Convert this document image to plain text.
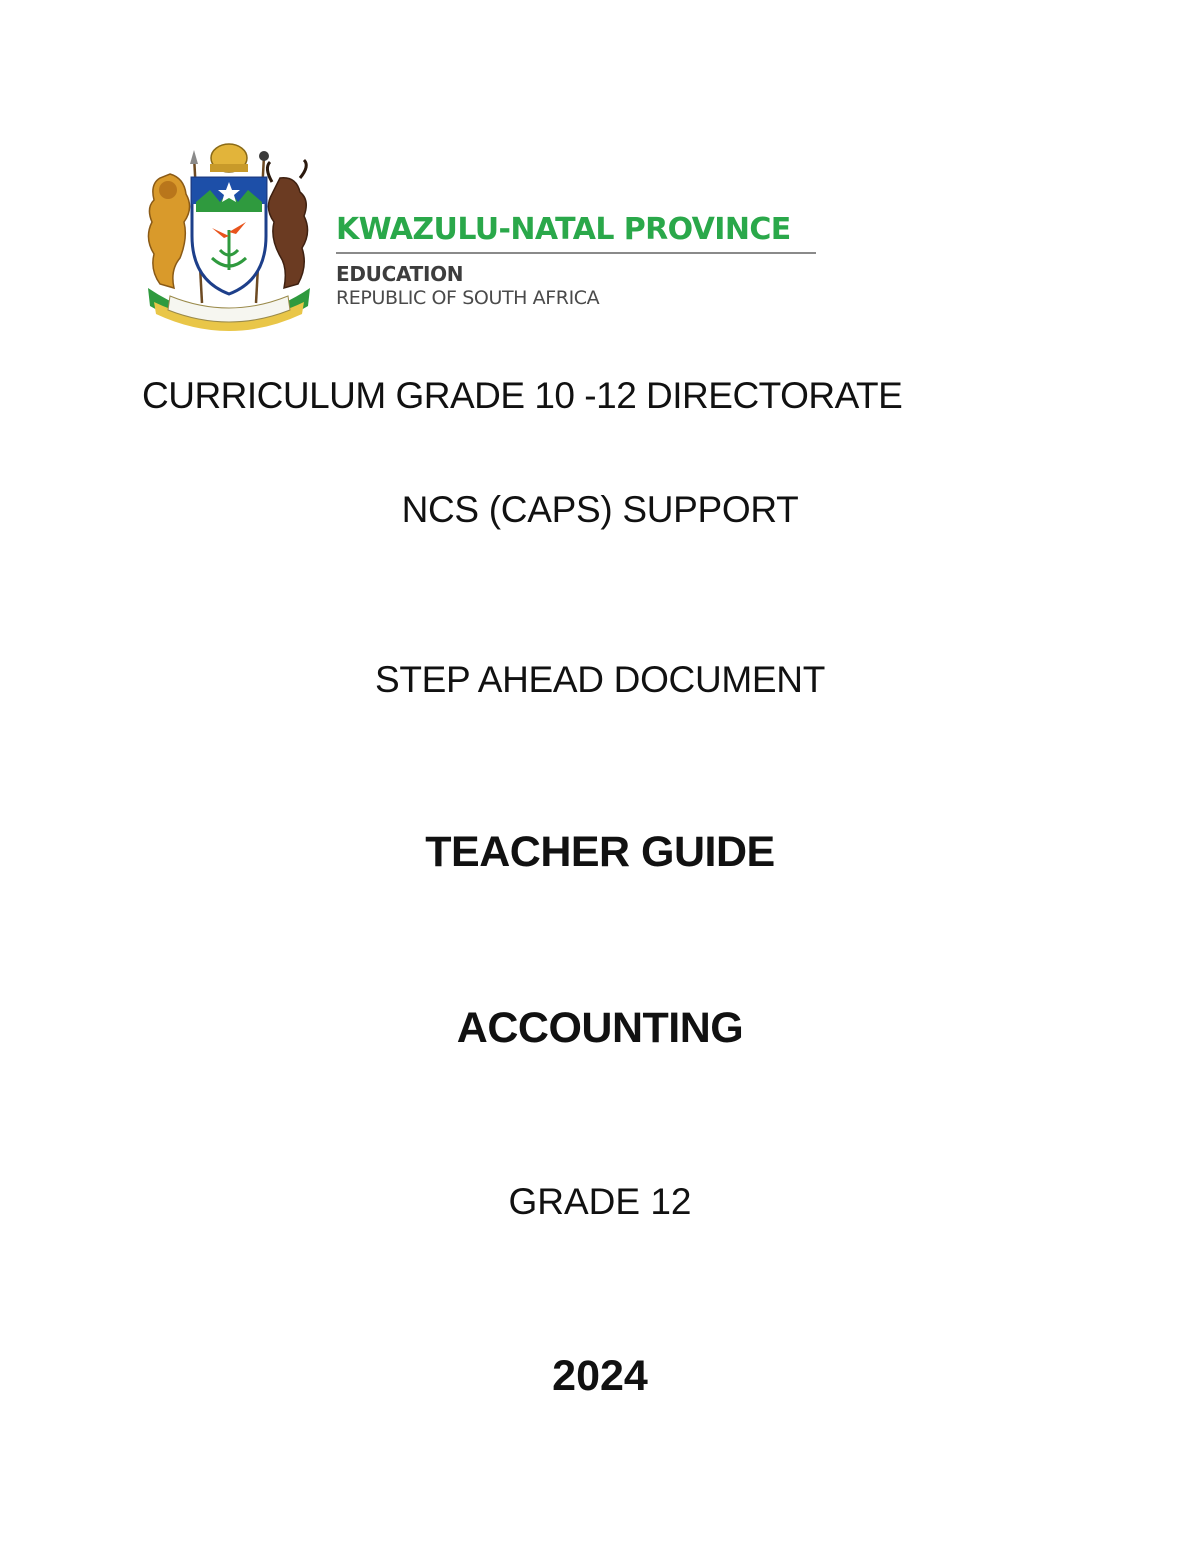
KWAZULU-NATAL PROVINCE
EDUCATION
REPUBLIC OF SOUTH AFRICA
CURRICULUM GRADE 10 -12 DIRECTORATE
NCS (CAPS) SUPPORT
STEP AHEAD DOCUMENT
TEACHER GUIDE
ACCOUNTING
GRADE 12
2024
